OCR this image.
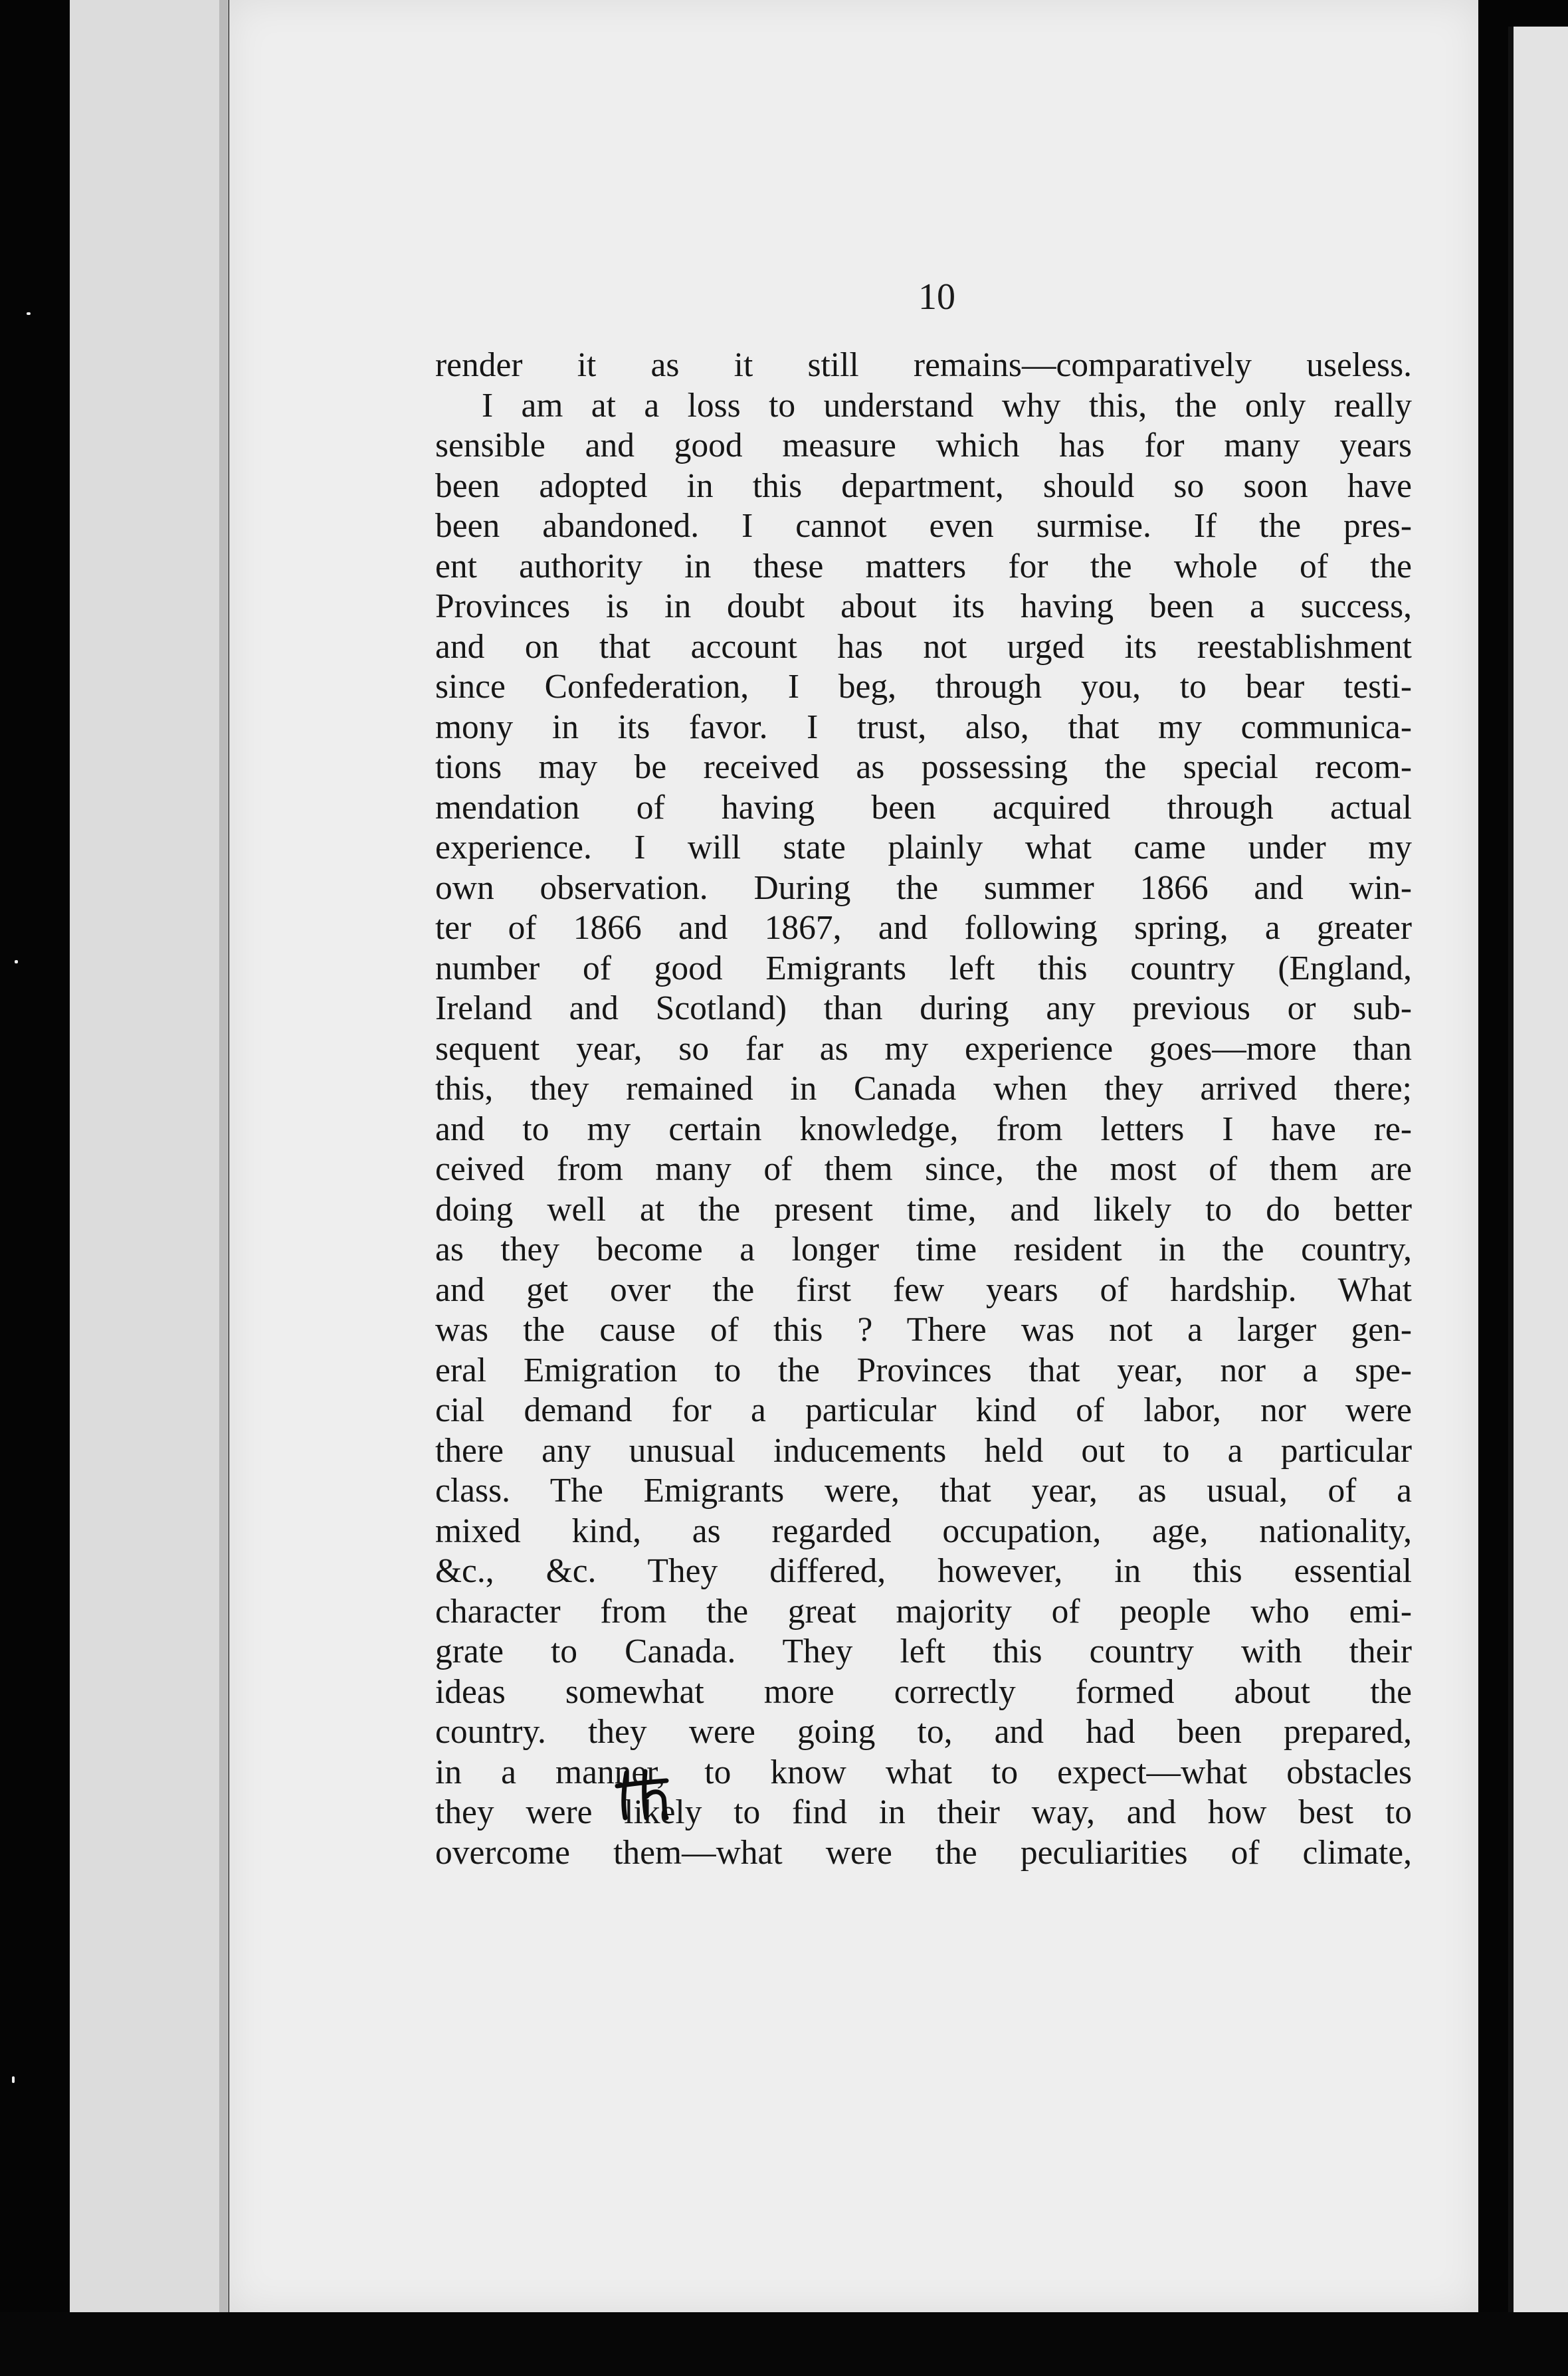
10
render it as it still remains—comparatively useless.
I am at a loss to understand why this, the only really
sensible and good measure which has for many years
been adopted in this department, should so soon have
been abandoned. I cannot even surmise. If the pres-
ent authority in these matters for the whole of the
Provinces is in doubt about its having been a success,
and on that account has not urged its reestablishment
since Confederation, I beg, through you, to bear testi-
mony in its favor. I trust, also, that my communica-
tions may be received as possessing the special recom-
mendation of having been acquired through actual
experience. I will state plainly what came under my
own observation. During the summer 1866 and win-
ter of 1866 and 1867, and following spring, a greater
number of good Emigrants left this country (England,
Ireland and Scotland) than during any previous or sub-
sequent year, so far as my experience goes—more than
this, they remained in Canada when they arrived there;
and to my certain knowledge, from letters I have re-
ceived from many of them since, the most of them are
doing well at the present time, and likely to do better
as they become a longer time resident in the country,
and get over the first few years of hardship. What
was the cause of this ? There was not a larger gen-
eral Emigration to the Provinces that year, nor a spe-
cial demand for a particular kind of labor, nor were
there any unusual inducements held out to a particular
class. The Emigrants were, that year, as usual, of a
mixed kind, as regarded occupation, age, nationality,
&c., &c. They differed, however, in this essential
character from the great majority of people who emi-
grate to Canada. They left this country with their
ideas somewhat more correctly formed about the
country. they were going to, and had been prepared,
in a manner, to know what to expect—what obstacles
they were likely to find in their way, and how best to
overcome them—what were the peculiarities of climate,
